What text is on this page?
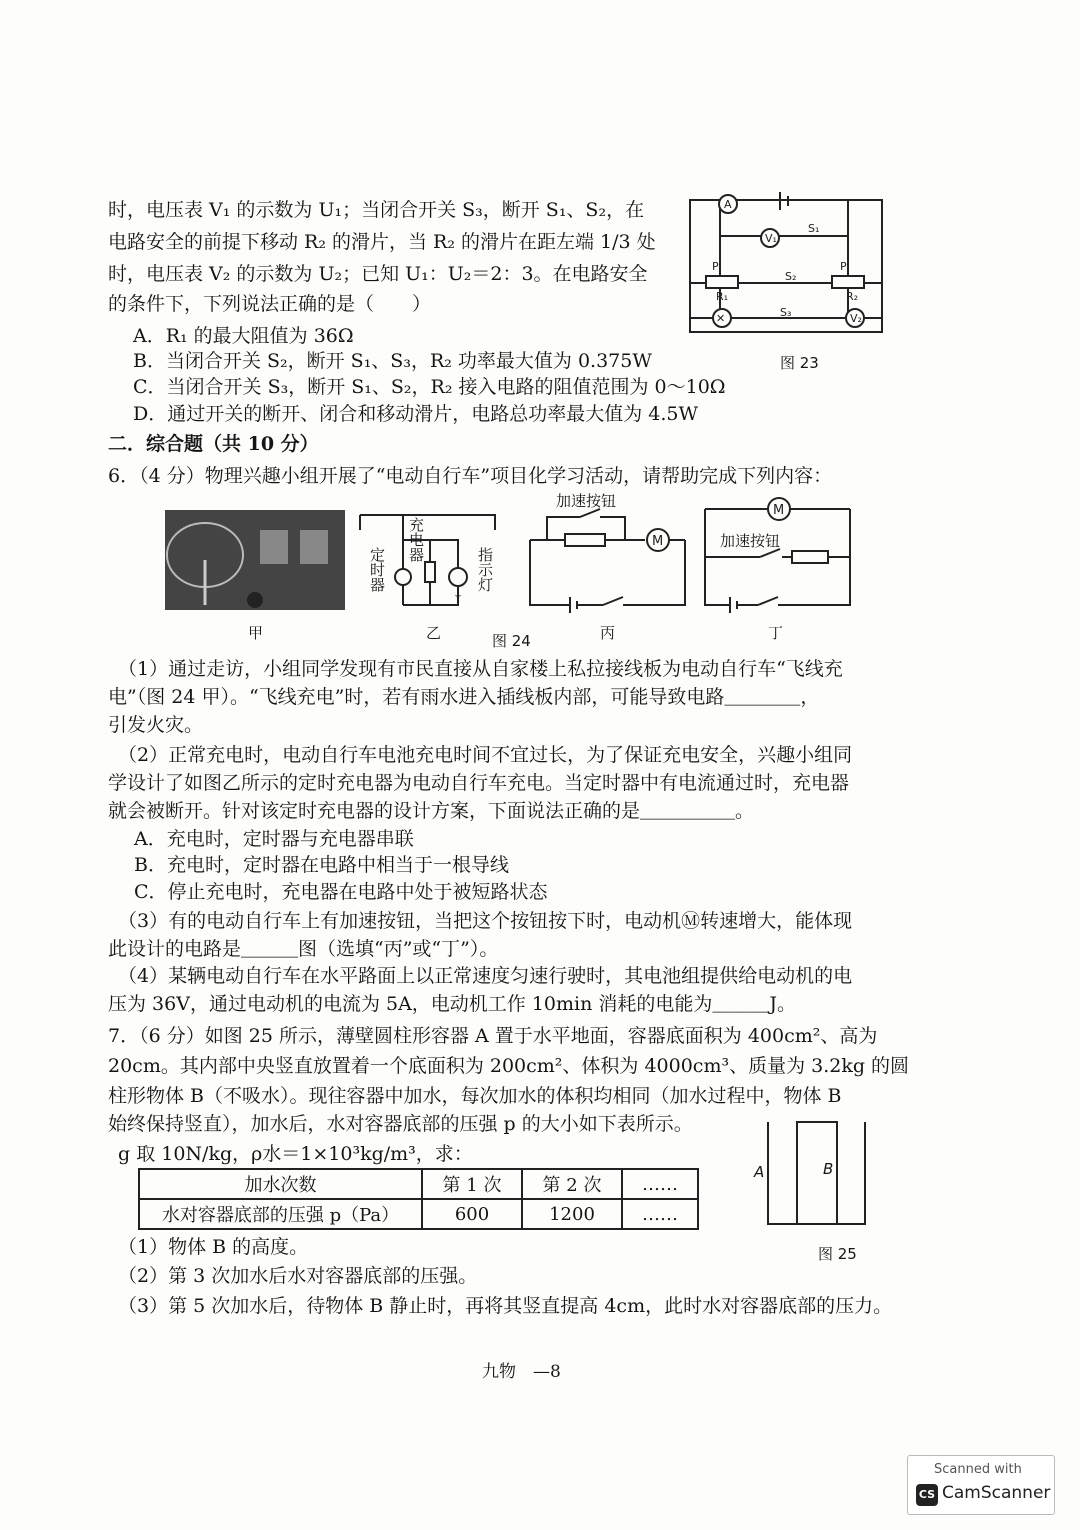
时，电压表 V₁ 的示数为 U₁；当闭合开关 S₃，断开 S₁、S₂，在
电路安全的前提下移动 R₂ 的滑片，当 R₂ 的滑片在距左端 1/3 处
时，电压表 V₂ 的示数为 U₂；已知 U₁：U₂＝2：3。在电路安全
的条件下，下列说法正确的是（　　）
A．R₁ 的最大阻值为 36Ω
B．当闭合开关 S₂，断开 S₁、S₃，R₂ 功率最大值为 0.375W
C．当闭合开关 S₃，断开 S₁、S₂，R₂ 接入电路的阻值范围为 0～10Ω
D．通过开关的断开、闭合和移动滑片，电路总功率最大值为 4.5W
A
V₁
V₂
✕
S₁
S₂
S₃
P
R₁
P
R₂
图 23
二．综合题（共 10 分）
6．（4 分）物理兴趣小组开展了“电动自行车”项目化学习活动，请帮助完成下列内容：
⏚
充电器
定时器
指示灯
M
加速按钮
M
加速按钮
甲	乙	图 24	丙	丁
（1）通过走访，小组同学发现有市民直接从自家楼上私拉接线板为电动自行车“飞线充
电”（图 24 甲）。“飞线充电”时，若有雨水进入插线板内部，可能导致电路＿＿＿＿，
引发火灾。
（2）正常充电时，电动自行车电池充电时间不宜过长，为了保证充电安全，兴趣小组同
学设计了如图乙所示的定时充电器为电动自行车充电。当定时器中有电流通过时，充电器
就会被断开。针对该定时充电器的设计方案，下面说法正确的是＿＿＿＿＿。
A．充电时，定时器与充电器串联
B．充电时，定时器在电路中相当于一根导线
C．停止充电时，充电器在电路中处于被短路状态
（3）有的电动自行车上有加速按钮，当把这个按钮按下时，电动机Ⓜ转速增大，能体现
此设计的电路是＿＿＿图（选填“丙”或“丁”）。
（4）某辆电动自行车在水平路面上以正常速度匀速行驶时，其电池组提供给电动机的电
压为 36V，通过电动机的电流为 5A，电动机工作 10min 消耗的电能为＿＿＿J。
7．（6 分）如图 25 所示，薄壁圆柱形容器 A 置于水平地面，容器底面积为 400cm²、高为
20cm。其内部中央竖直放置着一个底面积为 200cm²、体积为 4000cm³、质量为 3.2kg 的圆
柱形物体 B（不吸水）。现往容器中加水，每次加水的体积均相同（加水过程中，物体 B
始终保持竖直），加水后，水对容器底部的压强 p 的大小如下表所示。
g 取 10N/kg，ρ水＝1×10³kg/m³，求：
加水次数	第 1 次	第 2 次	……
水对容器底部的压强 p（Pa）	600	1200	……
（1）物体 B 的高度。
（2）第 3 次加水后水对容器底部的压强。
（3）第 5 次加水后，待物体 B 静止时，再将其竖直提高 4cm，此时水对容器底部的压力。
A	B
图 25
九物　—8
Scanned with
CS CamScanner
